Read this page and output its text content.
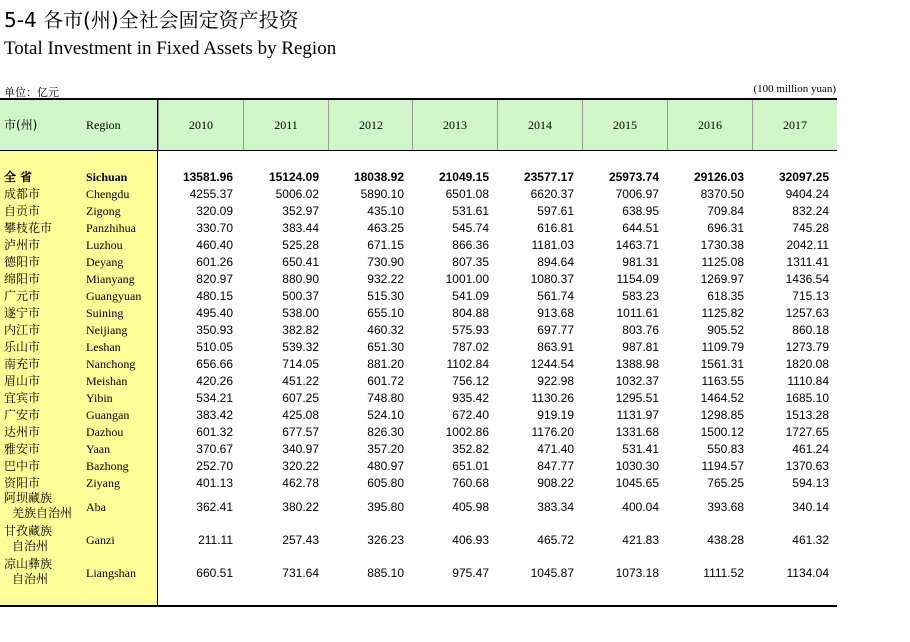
5-4 各市(州)全社会固定资产投资
Total Investment in Fixed Assets by Region
单位：亿元	(100 million yuan)
市(州)	Region	2010	2011	2012	2013	2014	2015	2016	2017
全 省	Sichuan	13581.96	15124.09	18038.92	21049.15	23577.17	25973.74	29126.03	32097.25
成都市	Chengdu	4255.37	5006.02	5890.10	6501.08	6620.37	7006.97	8370.50	9404.24
自贡市	Zigong	320.09	352.97	435.10	531.61	597.61	638.95	709.84	832.24
攀枝花市	Panzhihua	330.70	383.44	463.25	545.74	616.81	644.51	696.31	745.28
泸州市	Luzhou	460.40	525.28	671.15	866.36	1181.03	1463.71	1730.38	2042.11
德阳市	Deyang	601.26	650.41	730.90	807.35	894.64	981.31	1125.08	1311.41
绵阳市	Mianyang	820.97	880.90	932.22	1001.00	1080.37	1154.09	1269.97	1436.54
广元市	Guangyuan	480.15	500.37	515.30	541.09	561.74	583.23	618.35	715.13
遂宁市	Suining	495.40	538.00	655.10	804.88	913.68	1011.61	1125.82	1257.63
内江市	Neijiang	350.93	382.82	460.32	575.93	697.77	803.76	905.52	860.18
乐山市	Leshan	510.05	539.32	651.30	787.02	863.91	987.81	1109.79	1273.79
南充市	Nanchong	656.66	714.05	881.20	1102.84	1244.54	1388.98	1561.31	1820.08
眉山市	Meishan	420.26	451.22	601.72	756.12	922.98	1032.37	1163.55	1110.84
宜宾市	Yibin	534.21	607.25	748.80	935.42	1130.26	1295.51	1464.52	1685.10
广安市	Guangan	383.42	425.08	524.10	672.40	919.19	1131.97	1298.85	1513.28
达州市	Dazhou	601.32	677.57	826.30	1002.86	1176.20	1331.68	1500.12	1727.65
雅安市	Yaan	370.67	340.97	357.20	352.82	471.40	531.41	550.83	461.24
巴中市	Bazhong	252.70	320.22	480.97	651.01	847.77	1030.30	1194.57	1370.63
资阳市	Ziyang	401.13	462.78	605.80	760.68	908.22	1045.65	765.25	594.13
阿坝藏族
羌族自治州 Aba	362.41	380.22	395.80	405.98	383.34	400.04	393.68	340.14
甘孜藏族
自治州	Ganzi	211.11	257.43	326.23	406.93	465.72	421.83	438.28	461.32
凉山彝族
自治州	Liangshan	660.51	731.64	885.10	975.47	1045.87	1073.18	1111.52	1134.04
